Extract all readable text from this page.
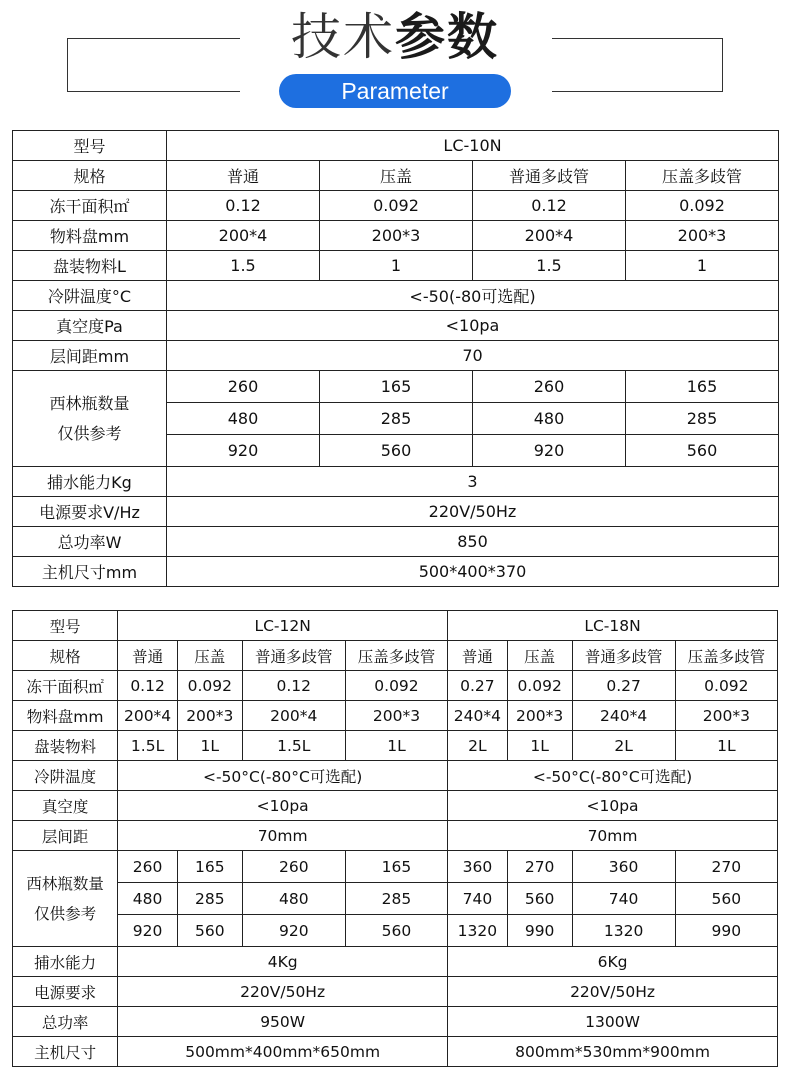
技术参数
Parameter
型号	LC-10N			
规格	普通	压盖	普通多歧管	压盖多歧管
冻干面积㎡	0.12	0.092	0.12	0.092
物料盘mm	200*4	200*3	200*4	200*3
盘装物料L	1.5	1	1.5	1
冷阱温度°C	<-50(-80可选配)			
真空度Pa	<10pa			
层间距mm	70			

西林瓶数量
仅供参考	260	165	260	165
	480	285	480	285
	920	560	920	560
捕水能力Kg	3			
电源要求V/Hz	220V/50Hz			
总功率W	850			
主机尺寸mm	500*400*370			
型号	LC-12N				LC-18N			
规格	普通	压盖	普通多歧管	压盖多歧管	普通	压盖	普通多歧管	压盖多歧管
冻干面积㎡	0.12	0.092	0.12	0.092	0.27	0.092	0.27	0.092
物料盘mm	200*4	200*3	200*4	200*3	240*4	200*3	240*4	200*3
盘装物料	1.5L	1L	1.5L	1L	2L	1L	2L	1L
冷阱温度	<-50°C(-80°C可选配)				<-50°C(-80°C可选配)			
真空度	<10pa				<10pa			
层间距	70mm				70mm			

西林瓶数量
仅供参考	260	165	260	165	360	270	360	270
	480	285	480	285	740	560	740	560
	920	560	920	560	1320	990	1320	990
捕水能力	4Kg				6Kg			
电源要求	220V/50Hz				220V/50Hz			
总功率	950W				1300W			
主机尺寸	500mm*400mm*650mm				800mm*530mm*900mm			
